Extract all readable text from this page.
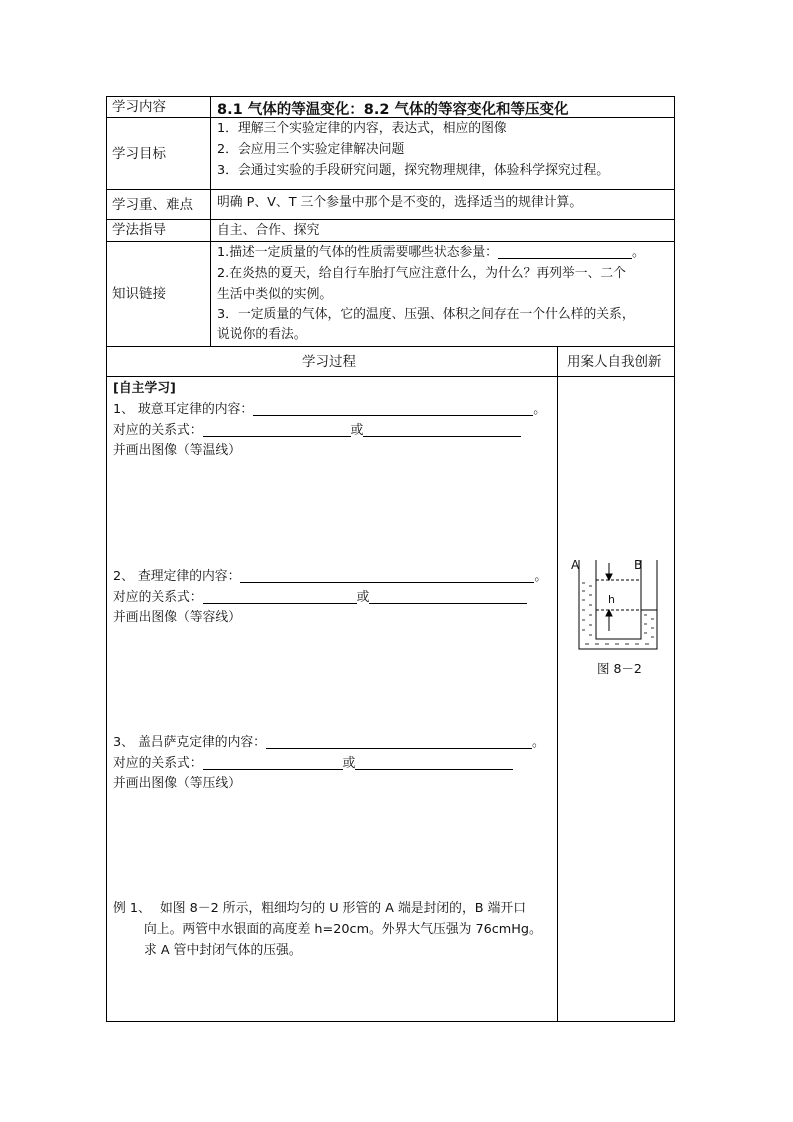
学习内容	8.1 气体的等温变化：8.2 气体的等容变化和等压变化
学习目标
1．理解三个实验定律的内容，表达式，相应的图像
2．会应用三个实验定律解决问题
3．会通过实验的手段研究问题，探究物理规律，体验科学探究过程。
学习重、难点 明确 P、V、T 三个参量中那个是不变的，选择适当的规律计算。
学法指导	自主、合作、探究
知识链接
1.描述一定质量的气体的性质需要哪些状态参量：	。
2.在炎热的夏天，给自行车胎打气应注意什么，为什么？再列举一、二个
生活中类似的实例。
3．一定质量的气体，它的温度、压强、体积之间存在一个什么样的关系，
说说你的看法。
学习过程	用案人自我创新
[自主学习]
1、 玻意耳定律的内容：	。
对应的关系式：	或
并画出图像（等温线）
2、 查理定律的内容：	。
对应的关系式：	或
并画出图像（等容线）
3、 盖吕萨克定律的内容：	。
对应的关系式：	或
并画出图像（等压线）
例 1、 如图 8－2 所示，粗细均匀的 U 形管的 A 端是封闭的，B 端开口
向上。两管中水银面的高度差 h=20cm。外界大气压强为 76cmHg。
求 A 管中封闭气体的压强。
A	B
h
图 8－2
